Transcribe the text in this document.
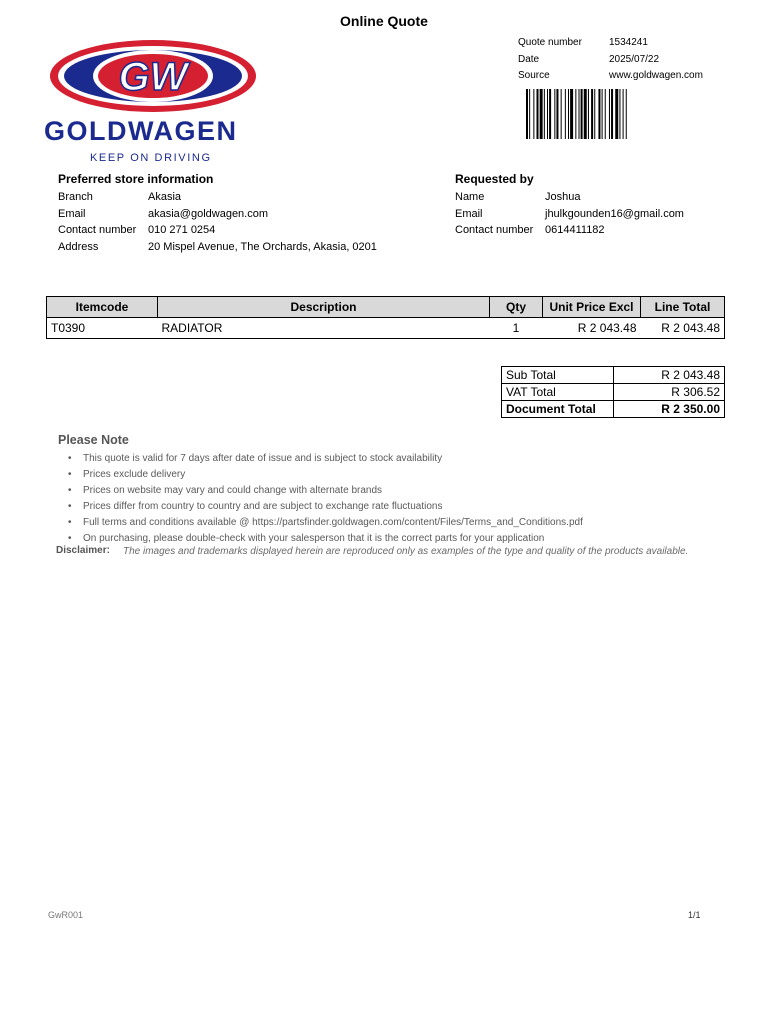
Online Quote
GW
GOLDWAGEN
KEEP ON DRIVING
Quote number	1534241
Date	2025/07/22
Source	www.goldwagen.com
Preferred store information
Branch	Akasia
Email	akasia@goldwagen.com
Contact number	010 271 0254
Address	20 Mispel Avenue, The Orchards, Akasia, 0201
Requested by
Name	Joshua
Email	jhulkgounden16@gmail.com
Contact number	0614411182
Itemcode	Description	Qty	Unit Price Excl	Line Total
T0390	RADIATOR	1	R 2 043.48	R 2 043.48
Sub Total	R 2 043.48
VAT Total	R 306.52
Document Total	R 2 350.00
Please Note
• This quote is valid for 7 days after date of issue and is subject to stock availability
• Prices exclude delivery
• Prices on website may vary and could change with alternate brands
• Prices differ from country to country and are subject to exchange rate fluctuations
• Full terms and conditions available @ https://partsfinder.goldwagen.com/content/Files/Terms_and_Conditions.pdf
• On purchasing, please double-check with your salesperson that it is the correct parts for your application
Disclaimer: The images and trademarks displayed herein are reproduced only as examples of the type and quality of the products available.
GwR001	1/1
